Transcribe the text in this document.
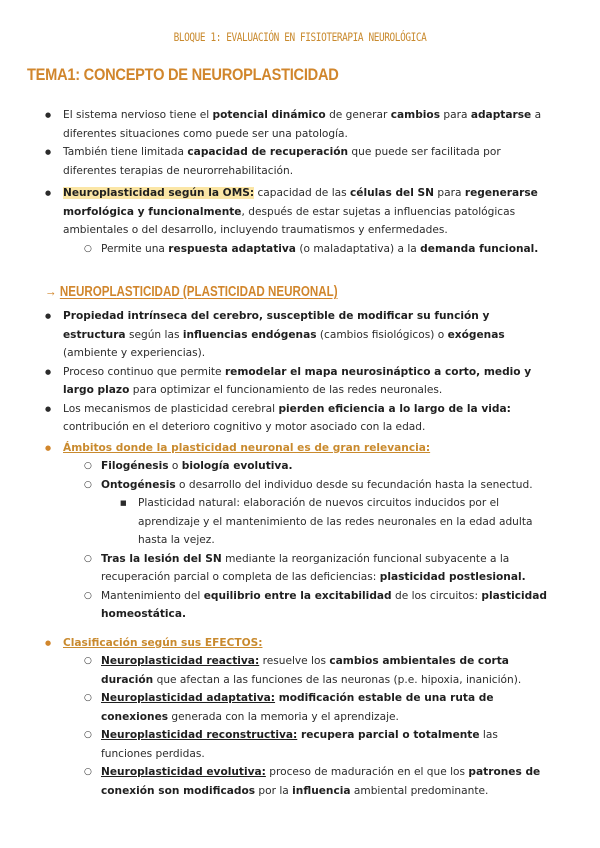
BLOQUE 1: EVALUACIÓN EN FISIOTERAPIA NEUROLÓGICA
TEMA1: CONCEPTO DE NEUROPLASTICIDAD
● El sistema nervioso tiene el potencial dinámico de generar cambios para adaptarse a diferentes situaciones como puede ser una patología.
● También tiene limitada capacidad de recuperación que puede ser facilitada por diferentes terapias de neurorrehabilitación.
● Neuroplasticidad según la OMS: capacidad de las células del SN para regenerarse morfológica y funcionalmente, después de estar sujetas a influencias patológicas ambientales o del desarrollo, incluyendo traumatismos y enfermedades.
○ Permite una respuesta adaptativa (o maladaptativa) a la demanda funcional.
→ NEUROPLASTICIDAD (PLASTICIDAD NEURONAL)
● Propiedad intrínseca del cerebro, susceptible de modificar su función y estructura según las influencias endógenas (cambios fisiológicos) o exógenas (ambiente y experiencias).
● Proceso continuo que permite remodelar el mapa neurosináptico a corto, medio y largo plazo para optimizar el funcionamiento de las redes neuronales.
● Los mecanismos de plasticidad cerebral pierden eficiencia a lo largo de la vida: contribución en el deterioro cognitivo y motor asociado con la edad.
● Ámbitos donde la plasticidad neuronal es de gran relevancia:
○ Filogénesis o biología evolutiva.
○ Ontogénesis o desarrollo del individuo desde su fecundación hasta la senectud.
■ Plasticidad natural: elaboración de nuevos circuitos inducidos por el aprendizaje y el mantenimiento de las redes neuronales en la edad adulta hasta la vejez.
○ Tras la lesión del SN mediante la reorganización funcional subyacente a la recuperación parcial o completa de las deficiencias: plasticidad postlesional.
○ Mantenimiento del equilibrio entre la excitabilidad de los circuitos: plasticidad homeostática.
● Clasificación según sus EFECTOS:
○ Neuroplasticidad reactiva: resuelve los cambios ambientales de corta duración que afectan a las funciones de las neuronas (p.e. hipoxia, inanición).
○ Neuroplasticidad adaptativa: modificación estable de una ruta de conexiones generada con la memoria y el aprendizaje.
○ Neuroplasticidad reconstructiva: recupera parcial o totalmente las funciones perdidas.
○ Neuroplasticidad evolutiva: proceso de maduración en el que los patrones de conexión son modificados por la influencia ambiental predominante.
